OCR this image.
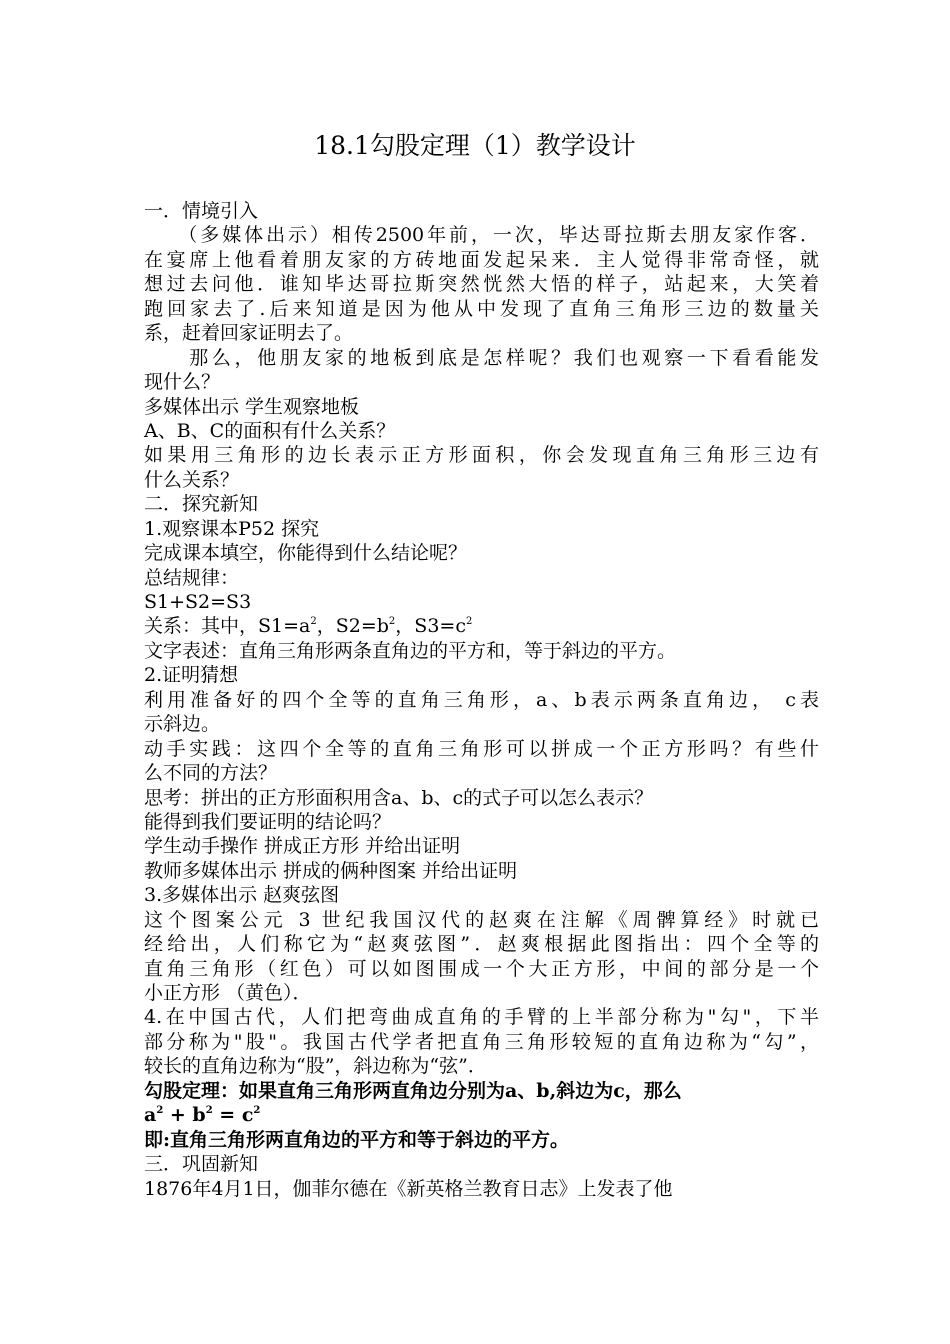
18.1勾股定理（1）教学设计
一．情境引入
　　（多媒体出示）相传2500年前，一次，毕达哥拉斯去朋友家作客．
在宴席上他看着朋友家的方砖地面发起呆来．主人觉得非常奇怪，就
想过去问他．谁知毕达哥拉斯突然恍然大悟的样子，站起来，大笑着
跑回家去了.后来知道是因为他从中发现了直角三角形三边的数量关
系，赶着回家证明去了。
　　那么，他朋友家的地板到底是怎样呢？我们也观察一下看看能发
现什么？
多媒体出示 学生观察地板
A、B、C的面积有什么关系？
如果用三角形的边长表示正方形面积，你会发现直角三角形三边有
什么关系？
二．探究新知
1.观察课本P52 探究
完成课本填空，你能得到什么结论呢？
总结规律：
S1+S2=S3
关系：其中，$S1=a^2$，$S2=b^2$，$S3=c^2$
文字表述：直角三角形两条直角边的平方和，等于斜边的平方。
2.证明猜想
利用准备好的四个全等的直角三角形，a、b表示两条直角边， c表
示斜边。
动手实践：这四个全等的直角三角形可以拼成一个正方形吗？有些什
么不同的方法？
思考：拼出的正方形面积用含a、b、c的式子可以怎么表示？
能得到我们要证明的结论吗？
学生动手操作 拼成正方形 并给出证明
教师多媒体出示 拼成的俩种图案 并给出证明
3.多媒体出示 赵爽弦图
这个图案公元 3 世纪我国汉代的赵爽在注解《周髀算经》时就已
经给出，人们称它为“赵爽弦图”．赵爽根据此图指出：四个全等的
直角三角形（红色）可以如图围成一个大正方形，中间的部分是一个
小正方形 （黄色）．
4.在中国古代，人们把弯曲成直角的手臂的上半部分称为"勾"，下半
部分称为"股"。我国古代学者把直角三角形较短的直角边称为“勾”，
较长的直角边称为“股”，斜边称为“弦”．
勾股定理：如果直角三角形两直角边分别为a、b,斜边为c，那么
$a^2 + b^2 = c^2$
即:直角三角形两直角边的平方和等于斜边的平方。
三．巩固新知
1876年4月1日，伽菲尔德在《新英格兰教育日志》上发表了他
